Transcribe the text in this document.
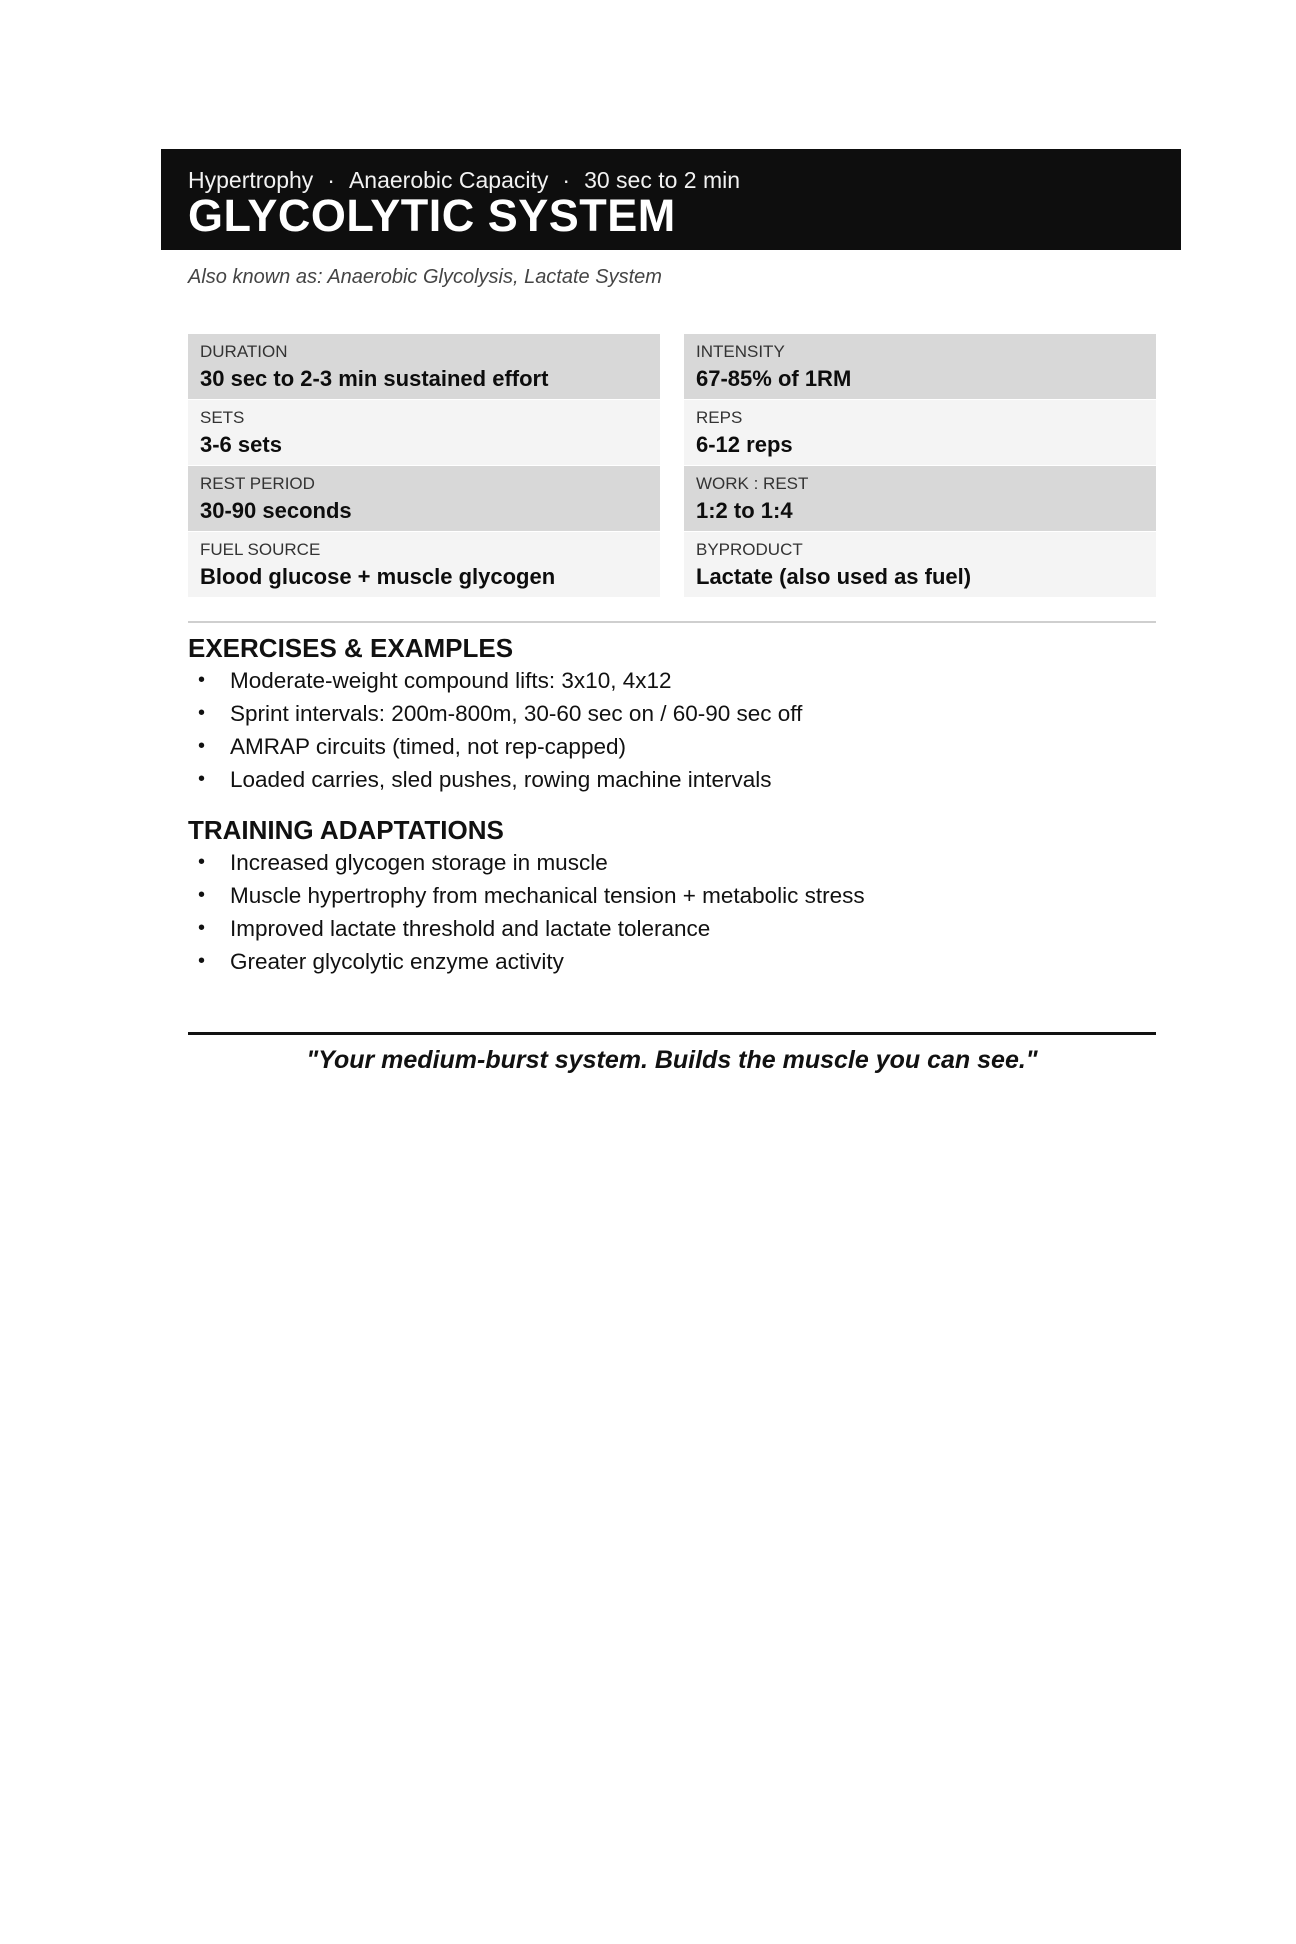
Hypertrophy · Anaerobic Capacity · 30 sec to 2 min
GLYCOLYTIC SYSTEM
Also known as: Anaerobic Glycolysis, Lactate System
DURATION
30 sec to 2-3 min sustained effort
INTENSITY
67-85% of 1RM
SETS
3-6 sets
REPS
6-12 reps
REST PERIOD
30-90 seconds
WORK : REST
1:2 to 1:4
FUEL SOURCE
Blood glucose + muscle glycogen
BYPRODUCT
Lactate (also used as fuel)
EXERCISES & EXAMPLES
• Moderate-weight compound lifts: 3x10, 4x12
• Sprint intervals: 200m-800m, 30-60 sec on / 60-90 sec off
• AMRAP circuits (timed, not rep-capped)
• Loaded carries, sled pushes, rowing machine intervals
TRAINING ADAPTATIONS
• Increased glycogen storage in muscle
• Muscle hypertrophy from mechanical tension + metabolic stress
• Improved lactate threshold and lactate tolerance
• Greater glycolytic enzyme activity
"Your medium-burst system. Builds the muscle you can see."
